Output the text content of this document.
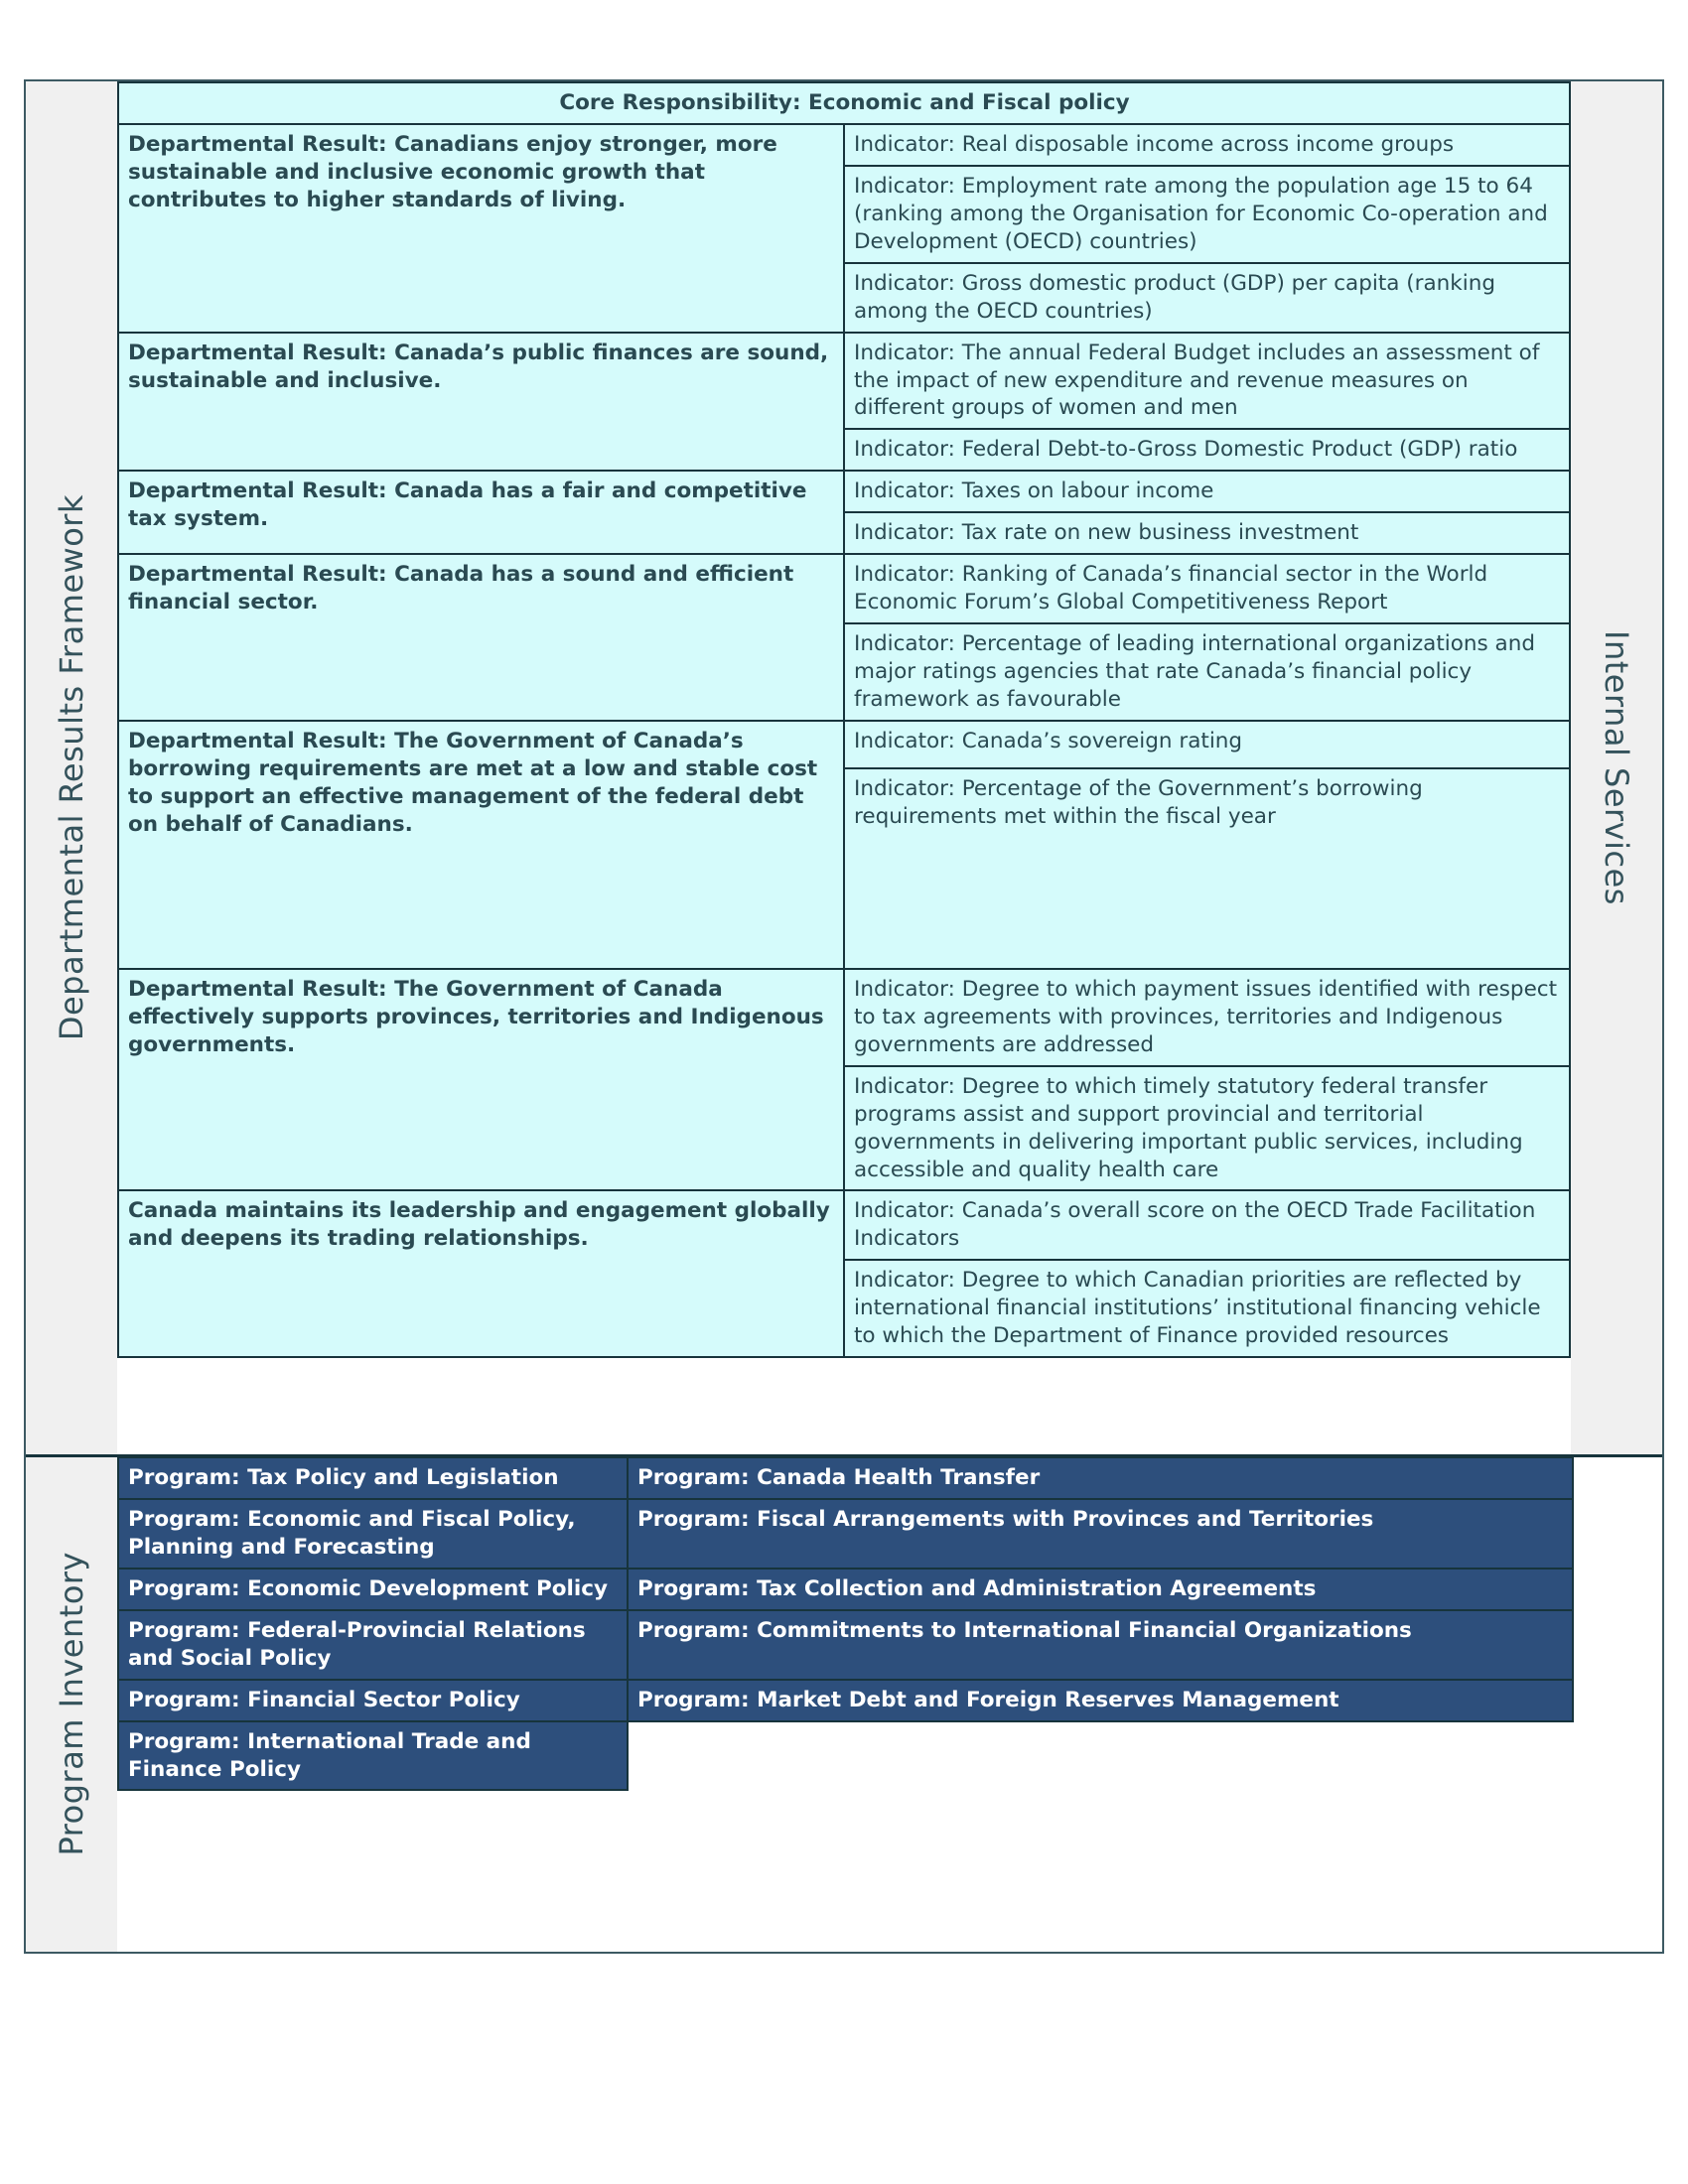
Departmental Results Framework
Core Responsibility: Economic and Fiscal policy	
Departmental Result: Canadians enjoy stronger, more sustainable and inclusive economic growth that contributes to higher standards of living.	Indicator: Real disposable income across income groups
	Indicator: Employment rate among the population age 15 to 64 (ranking among the Organisation for Economic Co-operation and Development (OECD) countries)
	Indicator: Gross domestic product (GDP) per capita (ranking among the OECD countries)
Departmental Result: Canada’s public finances are sound, sustainable and inclusive.	Indicator: The annual Federal Budget includes an assessment of the impact of new expenditure and revenue measures on different groups of women and men
	Indicator: Federal Debt-to-Gross Domestic Product (GDP) ratio
Departmental Result: Canada has a fair and competitive tax system.	Indicator: Taxes on labour income
	Indicator: Tax rate on new business investment
Departmental Result: Canada has a sound and efficient financial sector.	Indicator: Ranking of Canada’s financial sector in the World Economic Forum’s Global Competitiveness Report
	Indicator: Percentage of leading international organizations and major ratings agencies that rate Canada’s financial policy framework as favourable
Departmental Result: The Government of Canada’s borrowing requirements are met at a low and stable cost to support an effective management of the federal debt on behalf of Canadians.	Indicator: Canada’s sovereign rating
	Indicator: Percentage of the Government’s borrowing requirements met within the fiscal year
Departmental Result: The Government of Canada effectively supports provinces, territories and Indigenous governments.	Indicator: Degree to which payment issues identified with respect to tax agreements with provinces, territories and Indigenous governments are addressed
	Indicator: Degree to which timely statutory federal transfer programs assist and support provincial and territorial governments in delivering important public services, including accessible and quality health care
Canada maintains its leadership and engagement globally and deepens its trading relationships.	Indicator: Canada’s overall score on the OECD Trade Facilitation Indicators
	Indicator: Degree to which Canadian priorities are reflected by international financial institutions’ institutional financing vehicle to which the Department of Finance provided resources
Internal Services
Program Inventory
Program: Tax Policy and Legislation	Program: Canada Health Transfer
Program: Economic and Fiscal Policy, Planning and Forecasting	Program: Fiscal Arrangements with Provinces and Territories
Program: Economic Development Policy	Program: Tax Collection and Administration Agreements
Program: Federal-Provincial Relations and Social Policy	Program: Commitments to International Financial Organizations
Program: Financial Sector Policy	Program: Market Debt and Foreign Reserves Management
Program: International Trade and Finance Policy	
